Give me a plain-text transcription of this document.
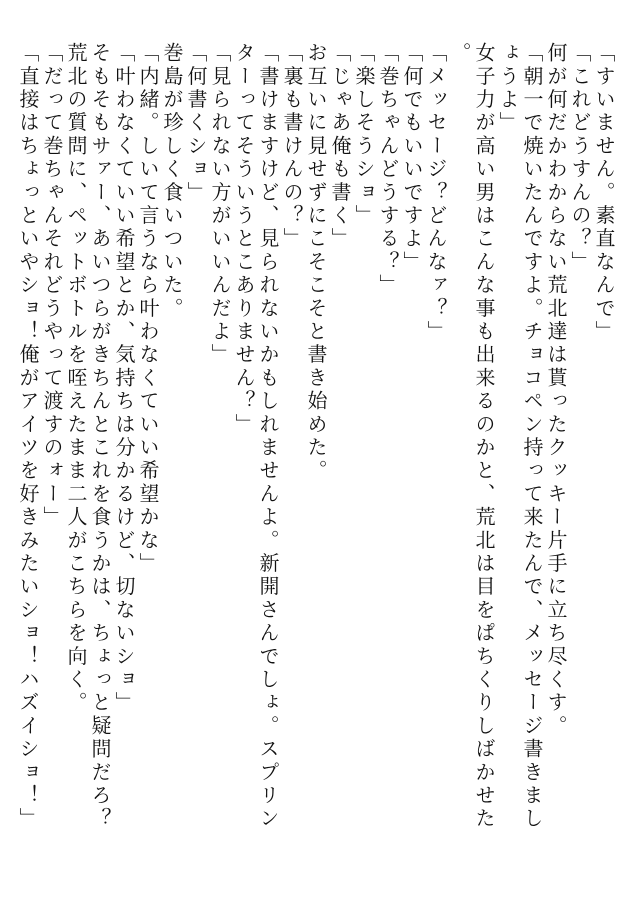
「すいません。素直なんで」

「これどうすんの？」

何が何だかわからない荒北達は貰ったクッキー片手に立ち尽くす。

「朝一で焼いたんですよ。チョコペン持って来たんで、メッセージ書きましょうよ」

女子力が高い男はこんな事も出来るのかと、荒北は目をぱちくりしばかせた。

「メッセージ？どんなァ？」

「何でもいいですよ」

「巻ちゃんどうする？」

「楽しそうショ」

「じゃあ俺も書く」

お互いに見せずにこそこそと書き始めた。

「裏も書けんの？」

「書けますけど、見られないかもしれませんよ。新開さんでしょ。スプリンターってそういうとこありません？」

「見られない方がいいんだよ」

「何書くショ」

巻島が珍しく食いついた。

「内緒。しいて言うなら叶わなくていい希望かな」

「叶わなくていい希望とか、気持ちは分かるけど、切ないショ」

そもそもサァー、あいつらがきちんとこれを食うかは、ちょっと疑問だろ？荒北の質問に、ペットボトルを咥えたまま二人がこちらを向く。

「だって巻ちゃんそれどうやって渡すのォー」

「直接はちょっといやショ！俺がアイツを好きみたいショ！ハズイショ！」
